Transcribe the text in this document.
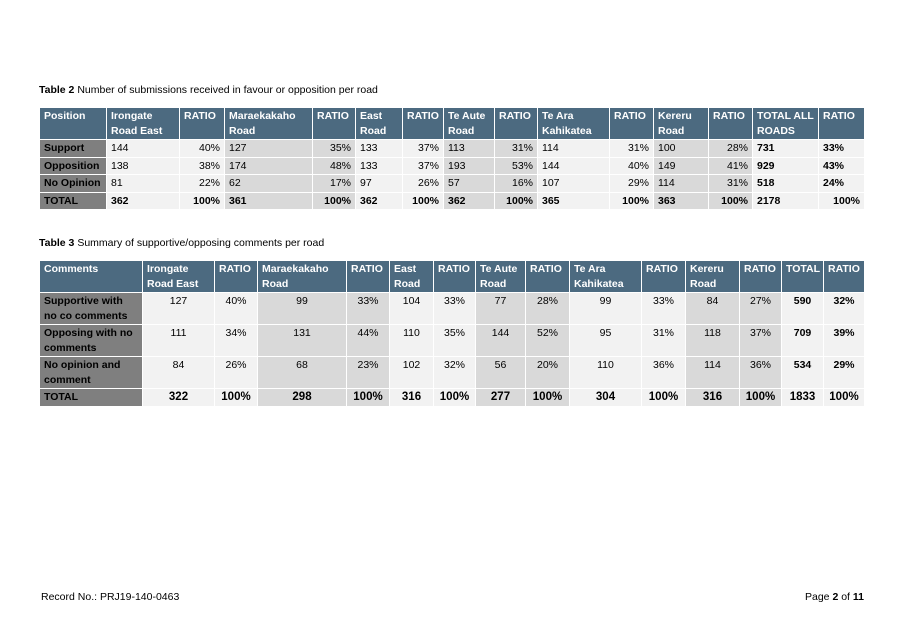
Table 2 Number of submissions received in favour or opposition per road
Position	Irongate Road East	RATIO	Maraekakaho Road	RATIO	East Road	RATIO	Te Aute Road	RATIO	Te Ara Kahikatea	RATIO	Kereru Road	RATIO	TOTAL ALL ROADS	RATIO
Support	144	40%	127	35%	133	37%	113	31%	114	31%	100	28%	731	33%
Opposition	138	38%	174	48%	133	37%	193	53%	144	40%	149	41%	929	43%
No Opinion	81	22%	62	17%	97	26%	57	16%	107	29%	114	31%	518	24%
TOTAL	362	100%	361	100%	362	100%	362	100%	365	100%	363	100%	2178	100%
Table 3 Summary of supportive/opposing comments per road
Comments	Irongate Road East	RATIO	Maraekakaho Road	RATIO	East Road	RATIO	Te Aute Road	RATIO	Te Ara Kahikatea	RATIO	Kereru Road	RATIO	TOTAL	RATIO
Supportive with no co comments	127	40%	99	33%	104	33%	77	28%	99	33%	84	27%	590	32%
Opposing with no comments	111	34%	131	44%	110	35%	144	52%	95	31%	118	37%	709	39%
No opinion and comment	84	26%	68	23%	102	32%	56	20%	110	36%	114	36%	534	29%
TOTAL	322	100%	298	100%	316	100%	277	100%	304	100%	316	100%	1833	100%
Record No.: PRJ19-140-0463	Page 2 of 11
